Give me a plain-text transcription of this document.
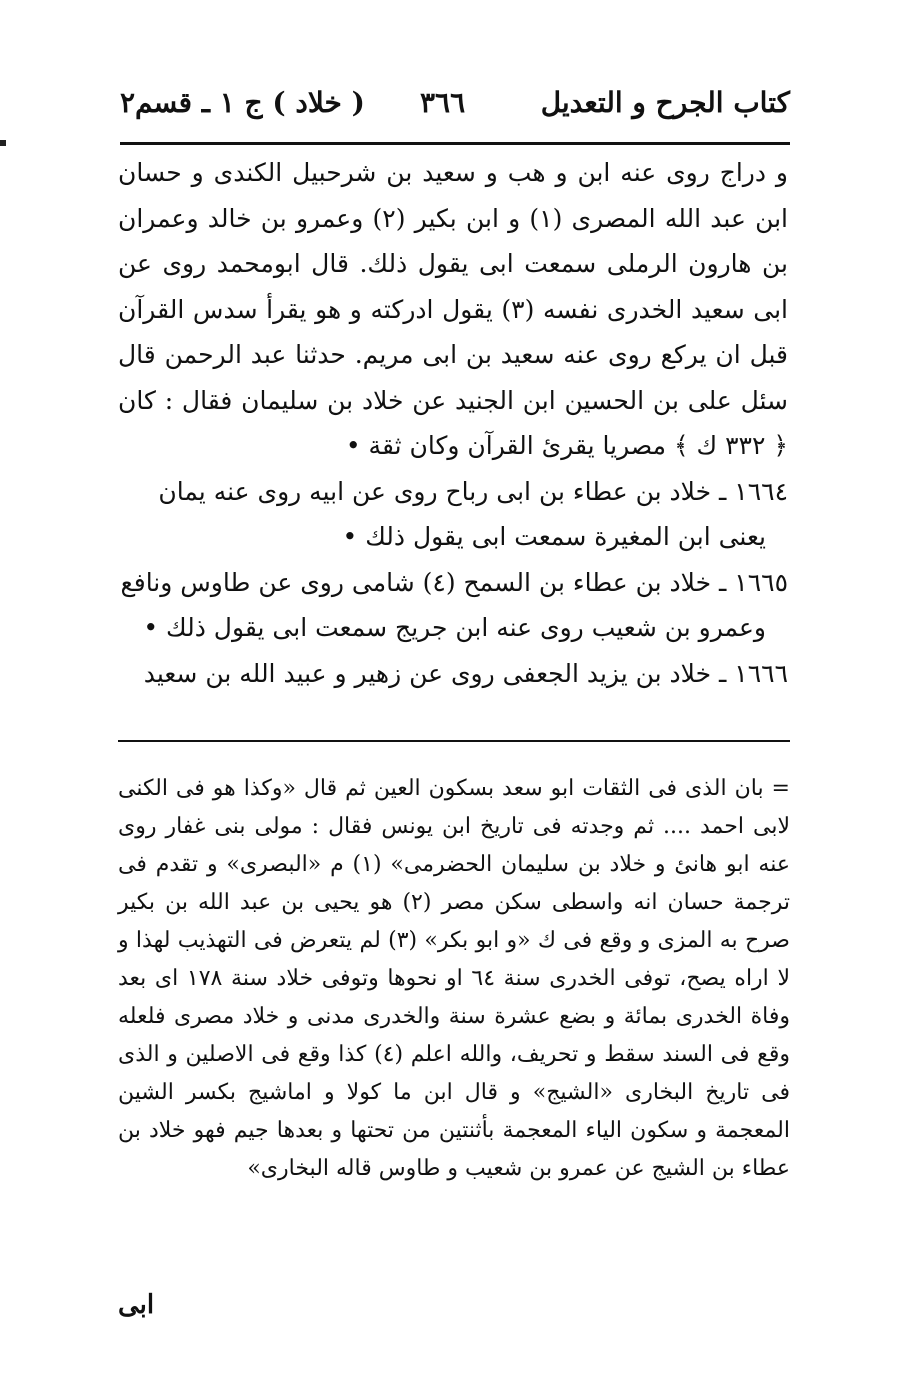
كتاب الجرح و التعديل
٣٦٦
( خلاد ) ج ١ ـ قسم٢

و دراج روى عنه ابن و هب و سعيد بن شرحبيل الكندى و حسان ابن عبد الله المصرى (١) و ابن بكير (٢) وعمرو بن خالد وعمران بن هارون الرملى سمعت ابى يقول ذلك. قال ابومحمد روى عن ابى سعيد الخدرى نفسه (٣) يقول ادركته و هو يقرأ سدس القرآن قبل ان يركع روى عنه سعيد بن ابى مريم. حدثنا عبد الرحمن قال سئل على بن الحسين ابن الجنيد عن خلاد بن سليمان فقال : كان ﴿ ٣٣٢ ك ﴾ مصريا يقرئ القرآن وكان ثقة •

١٦٦٤ ـ خلاد بن عطاء بن ابى رباح روى عن ابيه روى عنه يمان

يعنى ابن المغيرة سمعت ابى يقول ذلك •

١٦٦٥ ـ خلاد بن عطاء بن السمح (٤) شامى روى عن طاوس ونافع

وعمرو بن شعيب روى عنه ابن جريج سمعت ابى يقول ذلك •

١٦٦٦ ـ خلاد بن يزيد الجعفى روى عن زهير و عبيد الله بن سعيد

= بان الذى فى الثقات ابو سعد بسكون العين ثم قال «وكذا هو فى الكنى لابى احمد .... ثم وجدته فى تاريخ ابن يونس فقال : مولى بنى غفار روى عنه ابو هانئ و خلاد بن سليمان الحضرمى» (١) م «البصرى» و تقدم فى ترجمة حسان انه واسطى سكن مصر (٢) هو يحيى بن عبد الله بن بكير صرح به المزى و وقع فى ك «و ابو بكر» (٣) لم يتعرض فى التهذيب لهذا و لا اراه يصح، توفى الخدرى سنة ٦٤ او نحوها وتوفى خلاد سنة ١٧٨ اى بعد وفاة الخدرى بمائة و بضع عشرة سنة والخدرى مدنى و خلاد مصرى فلعله وقع فى السند سقط و تحريف، والله اعلم (٤) كذا وقع فى الاصلين و الذى فى تاريخ البخارى «الشيج» و قال ابن ما كولا و اماشيج بكسر الشين المعجمة و سكون الياء المعجمة بأثنتين من تحتها و بعدها جيم فهو خلاد بن عطاء بن الشيج عن عمرو بن شعيب و طاوس قاله البخارى»

ابى
